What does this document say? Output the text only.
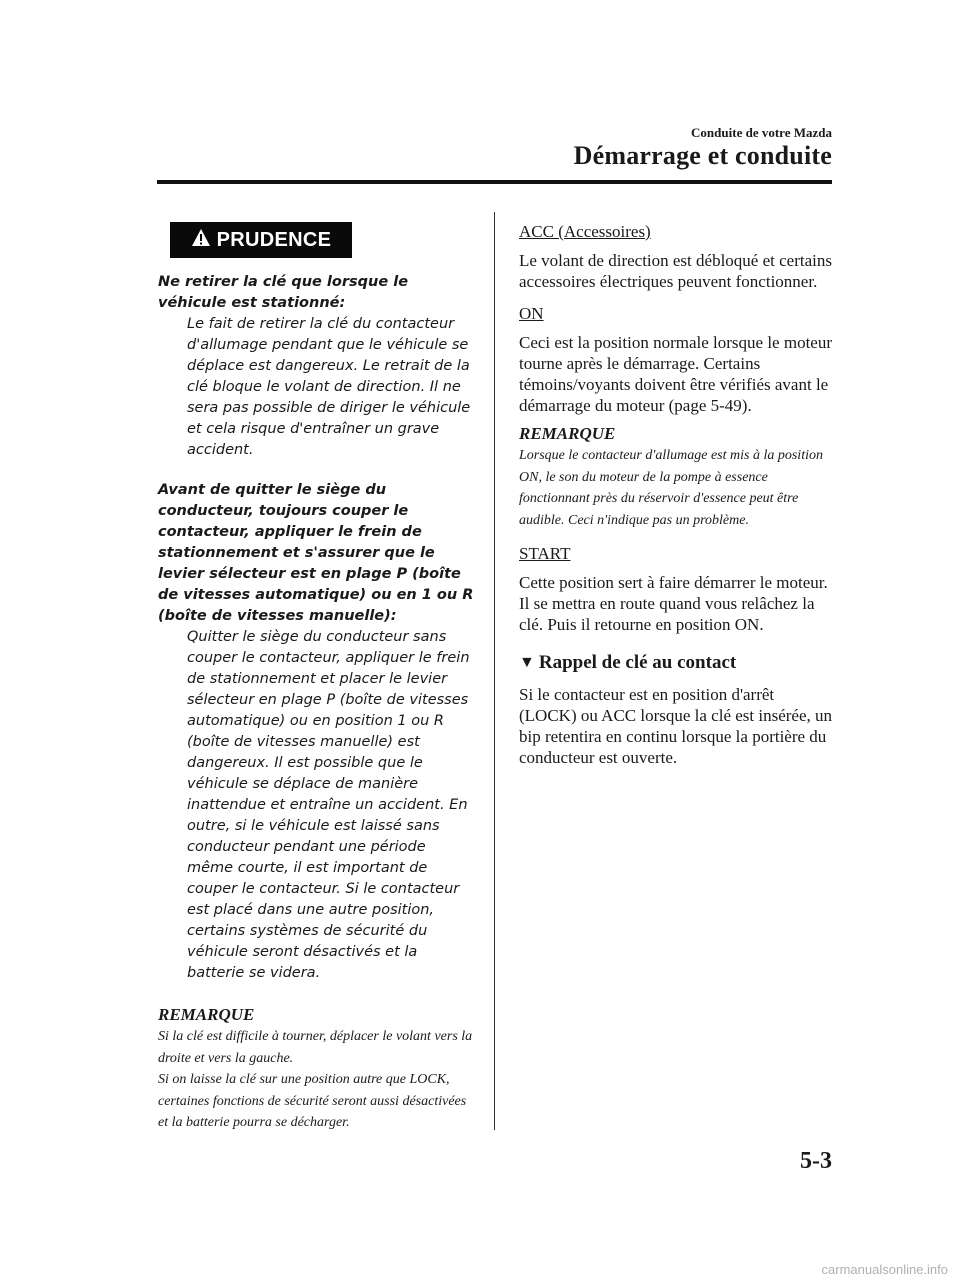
Conduite de votre Mazda
Démarrage et conduite
PRUDENCE

Ne retirer la clé que lorsque le véhicule est stationné:

Le fait de retirer la clé du contacteur d'allumage pendant que le véhicule se déplace est dangereux. Le retrait de la clé bloque le volant de direction. Il ne sera pas possible de diriger le véhicule et cela risque d'entraîner un grave accident.

Avant de quitter le siège du conducteur, toujours couper le contacteur, appliquer le frein de stationnement et s'assurer que le levier sélecteur est en plage P (boîte de vitesses automatique) ou en 1 ou R (boîte de vitesses manuelle):

Quitter le siège du conducteur sans couper le contacteur, appliquer le frein de stationnement et placer le levier sélecteur en plage P (boîte de vitesses automatique) ou en position 1 ou R (boîte de vitesses manuelle) est dangereux. Il est possible que le véhicule se déplace de manière inattendue et entraîne un accident. En outre, si le véhicule est laissé sans conducteur pendant une période même courte, il est important de couper le contacteur. Si le contacteur est placé dans une autre position, certains systèmes de sécurité du véhicule seront désactivés et la batterie se videra.

REMARQUE

Si la clé est difficile à tourner, déplacer le volant vers la droite et vers la gauche.

Si on laisse la clé sur une position autre que LOCK, certaines fonctions de sécurité seront aussi désactivées et la batterie pourra se décharger.

ACC (Accessoires)

Le volant de direction est débloqué et certains accessoires électriques peuvent fonctionner.

ON

Ceci est la position normale lorsque le moteur tourne après le démarrage. Certains témoins/voyants doivent être vérifiés avant le démarrage du moteur (page 5-49).

REMARQUE

Lorsque le contacteur d'allumage est mis à la position ON, le son du moteur de la pompe à essence fonctionnant près du réservoir d'essence peut être audible. Ceci n'indique pas un problème.

START

Cette position sert à faire démarrer le moteur. Il se mettra en route quand vous relâchez la clé. Puis il retourne en position ON.

▼ Rappel de clé au contact

Si le contacteur est en position d'arrêt (LOCK) ou ACC lorsque la clé est insérée, un bip retentira en continu lorsque la portière du conducteur est ouverte.

5-3
carmanualsonline.info
